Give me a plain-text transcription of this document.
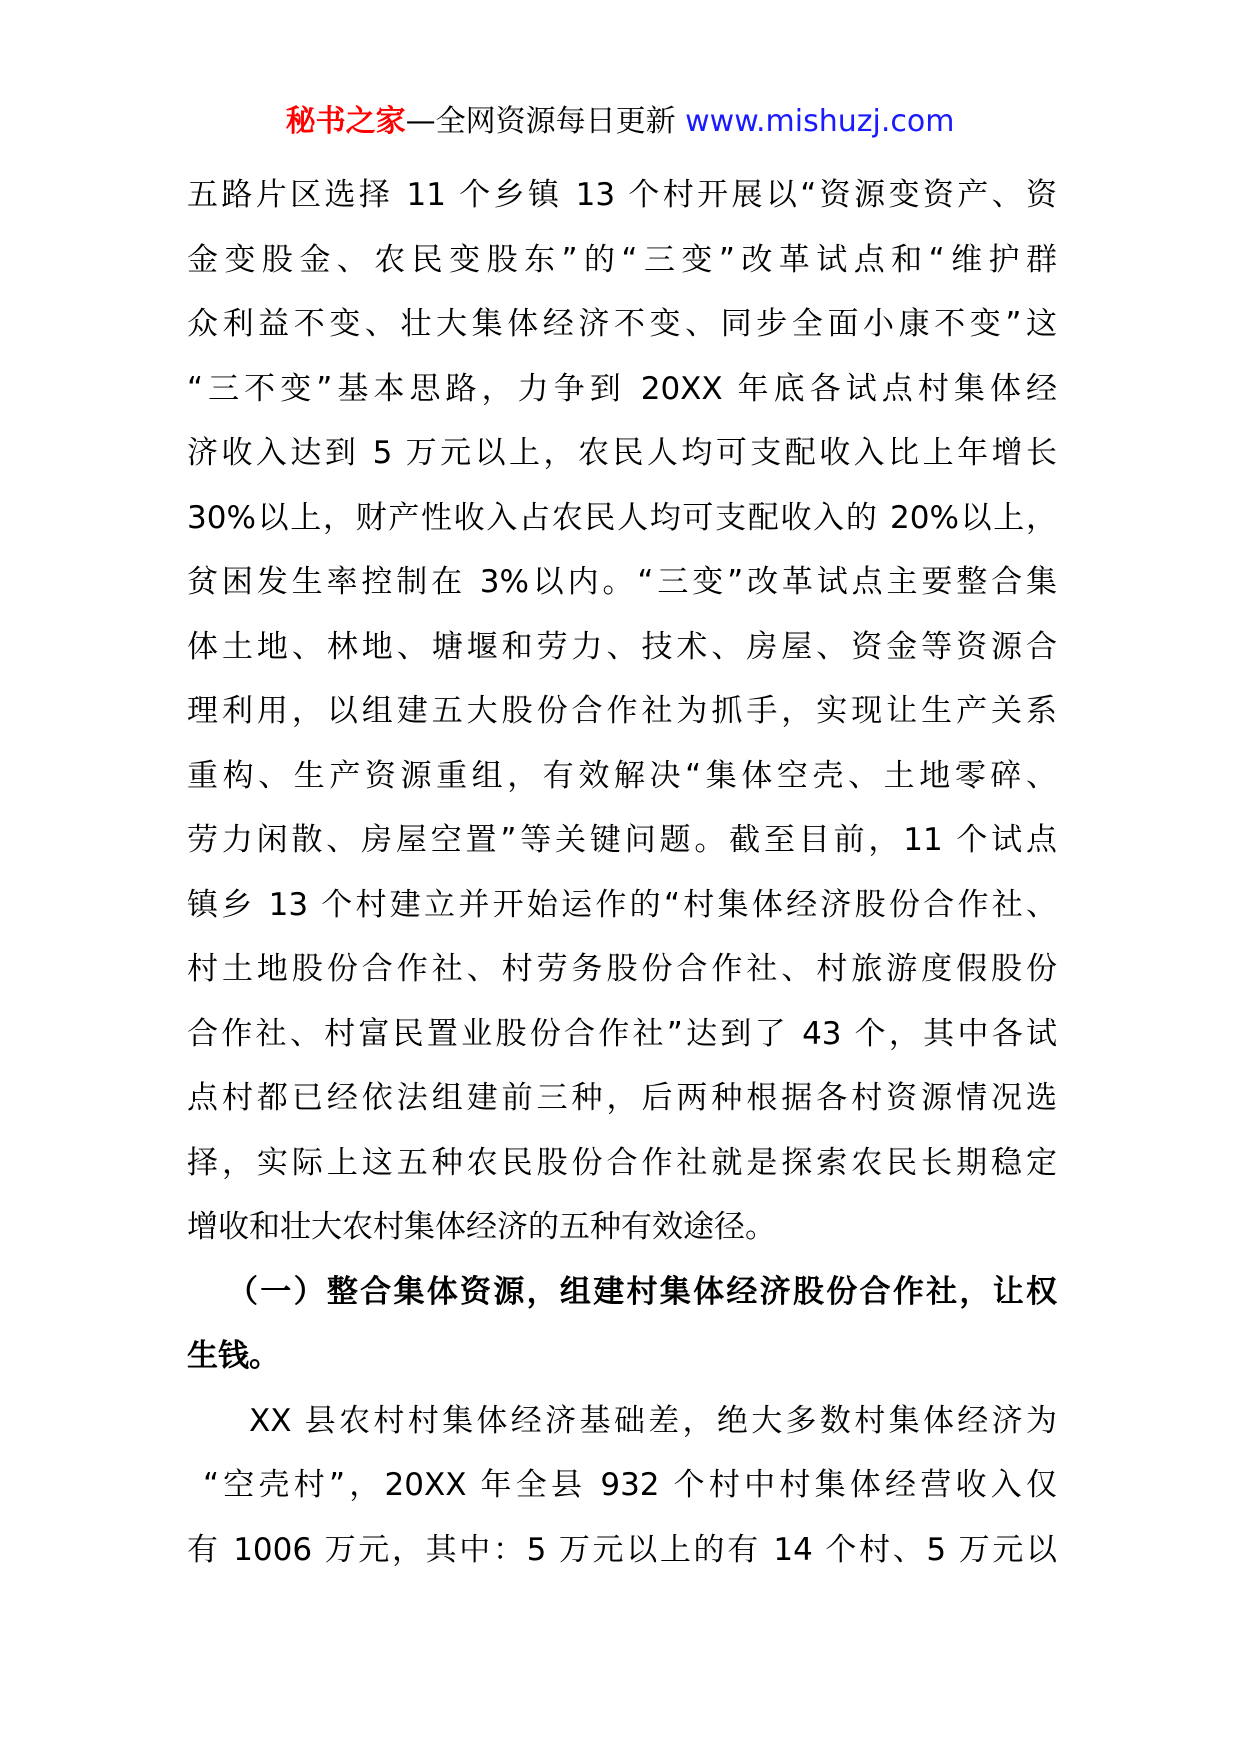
秘书之家—全网资源每日更新 www.mishuzj.com
五路片区选择 11 个乡镇 13 个村开展以“资源变资产、资
金变股金、农民变股东”的“三变”改革试点和“维护群
众利益不变、壮大集体经济不变、同步全面小康不变”这
“三不变”基本思路，力争到 20XX 年底各试点村集体经
济收入达到 5 万元以上，农民人均可支配收入比上年增长
30%以上，财产性收入占农民人均可支配收入的 20%以上，
贫困发生率控制在 3%以内。“三变”改革试点主要整合集
体土地、林地、塘堰和劳力、技术、房屋、资金等资源合
理利用，以组建五大股份合作社为抓手，实现让生产关系
重构、生产资源重组，有效解决“集体空壳、土地零碎、
劳力闲散、房屋空置”等关键问题。截至目前，11 个试点
镇乡 13 个村建立并开始运作的“村集体经济股份合作社、
村土地股份合作社、村劳务股份合作社、村旅游度假股份
合作社、村富民置业股份合作社”达到了 43 个，其中各试
点村都已经依法组建前三种，后两种根据各村资源情况选
择，实际上这五种农民股份合作社就是探索农民长期稳定
增收和壮大农村集体经济的五种有效途径。
（一）整合集体资源，组建村集体经济股份合作社，让权
生钱。
XX 县农村村集体经济基础差，绝大多数村集体经济为
“空壳村”，20XX 年全县 932 个村中村集体经营收入仅
有 1006 万元，其中：5 万元以上的有 14 个村、5 万元以
